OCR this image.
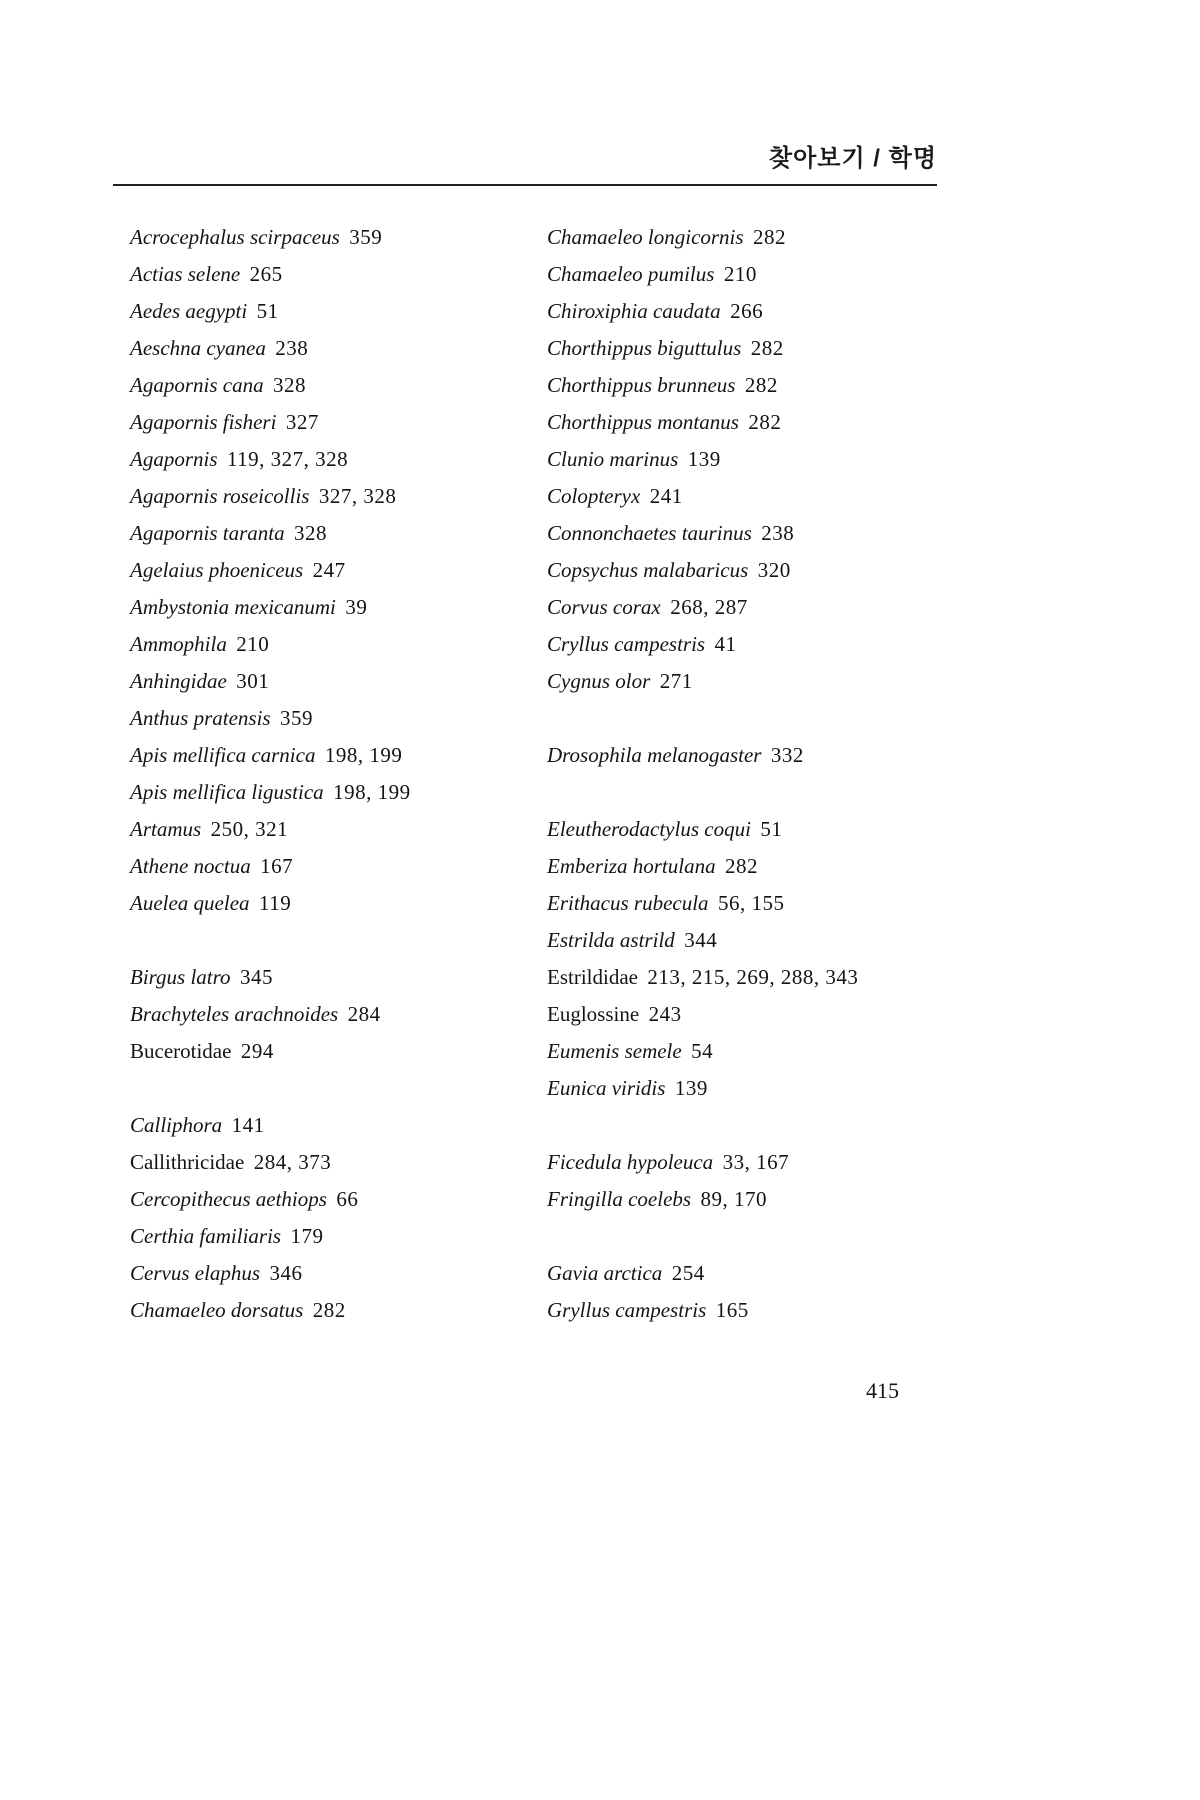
찾아보기 / 학명
Acrocephalus scirpaceus 359
Actias selene 265
Aedes aegypti 51
Aeschna cyanea 238
Agapornis cana 328
Agapornis fisheri 327
Agapornis 119, 327, 328
Agapornis roseicollis 327, 328
Agapornis taranta 328
Agelaius phoeniceus 247
Ambystonia mexicanumi 39
Ammophila 210
Anhingidae 301
Anthus pratensis 359
Apis mellifica carnica 198, 199
Apis mellifica ligustica 198, 199
Artamus 250, 321
Athene noctua 167
Auelea quelea 119
Birgus latro 345
Brachyteles arachnoides 284
Bucerotidae 294
Calliphora 141
Callithricidae 284, 373
Cercopithecus aethiops 66
Certhia familiaris 179
Cervus elaphus 346
Chamaeleo dorsatus 282
Chamaeleo longicornis 282
Chamaeleo pumilus 210
Chiroxiphia caudata 266
Chorthippus biguttulus 282
Chorthippus brunneus 282
Chorthippus montanus 282
Clunio marinus 139
Colopteryx 241
Connonchaetes taurinus 238
Copsychus malabaricus 320
Corvus corax 268, 287
Cryllus campestris 41
Cygnus olor 271
Drosophila melanogaster 332
Eleutherodactylus coqui 51
Emberiza hortulana 282
Erithacus rubecula 56, 155
Estrilda astrild 344
Estrildidae 213, 215, 269, 288, 343
Euglossine 243
Eumenis semele 54
Eunica viridis 139
Ficedula hypoleuca 33, 167
Fringilla coelebs 89, 170
Gavia arctica 254
Gryllus campestris 165
415
